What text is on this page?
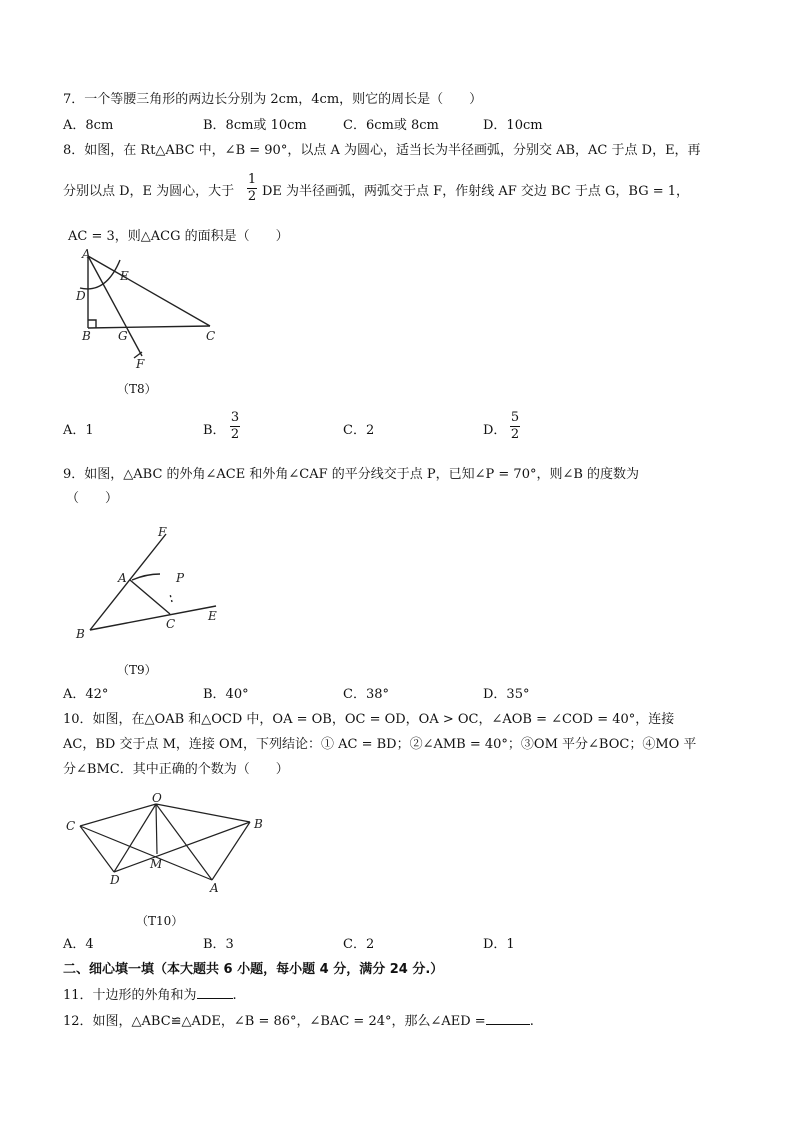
7．一个等腰三角形的两边长分别为 2cm，4cm，则它的周长是（　　）
A．8cm	B．8cm或 10cm	C．6cm或 8cm	D．10cm
8．如图，在 Rt△ABC 中，∠B = 90°，以点 A 为圆心，适当长为半径画弧，分别交 AB，AC 于点 D，E，再
分别以点 D，E 为圆心，大于
1
2 DE 为半径画弧，两弧交于点 F，作射线 AF 交边 BC 于点 G，BG = 1，
AC = 3，则△ACG 的面积是（　　）
A
E
D
B G	C
F
（T8）
A．1	B．
3
2	C．2	D．
5
2
9．如图，△ABC 的外角∠ACE 和外角∠CAF 的平分线交于点 P，已知∠P = 70°，则∠B 的度数为
（　　）
F
A	P
B
C
E
（T9）
A．42°	B．40°	C．38°	D．35°
10．如图，在△OAB 和△OCD 中，OA = OB，OC = OD，OA > OC，∠AOB = ∠COD = 40°，连接
AC，BD 交于点 M，连接 OM，下列结论：① AC = BD；②∠AMB = 40°；③OM 平分∠BOC；④MO 平
分∠BMC．其中正确的个数为（　　）
O
C	B
M
D
A
（T10）
A．4	B．3	C．2	D．1
二、细心填一填（本大题共 6 小题，每小题 4 分，满分 24 分.）
11．十边形的外角和为	.
12．如图，△ABC≌△ADE，∠B = 86°，∠BAC = 24°，那么∠AED =	.
